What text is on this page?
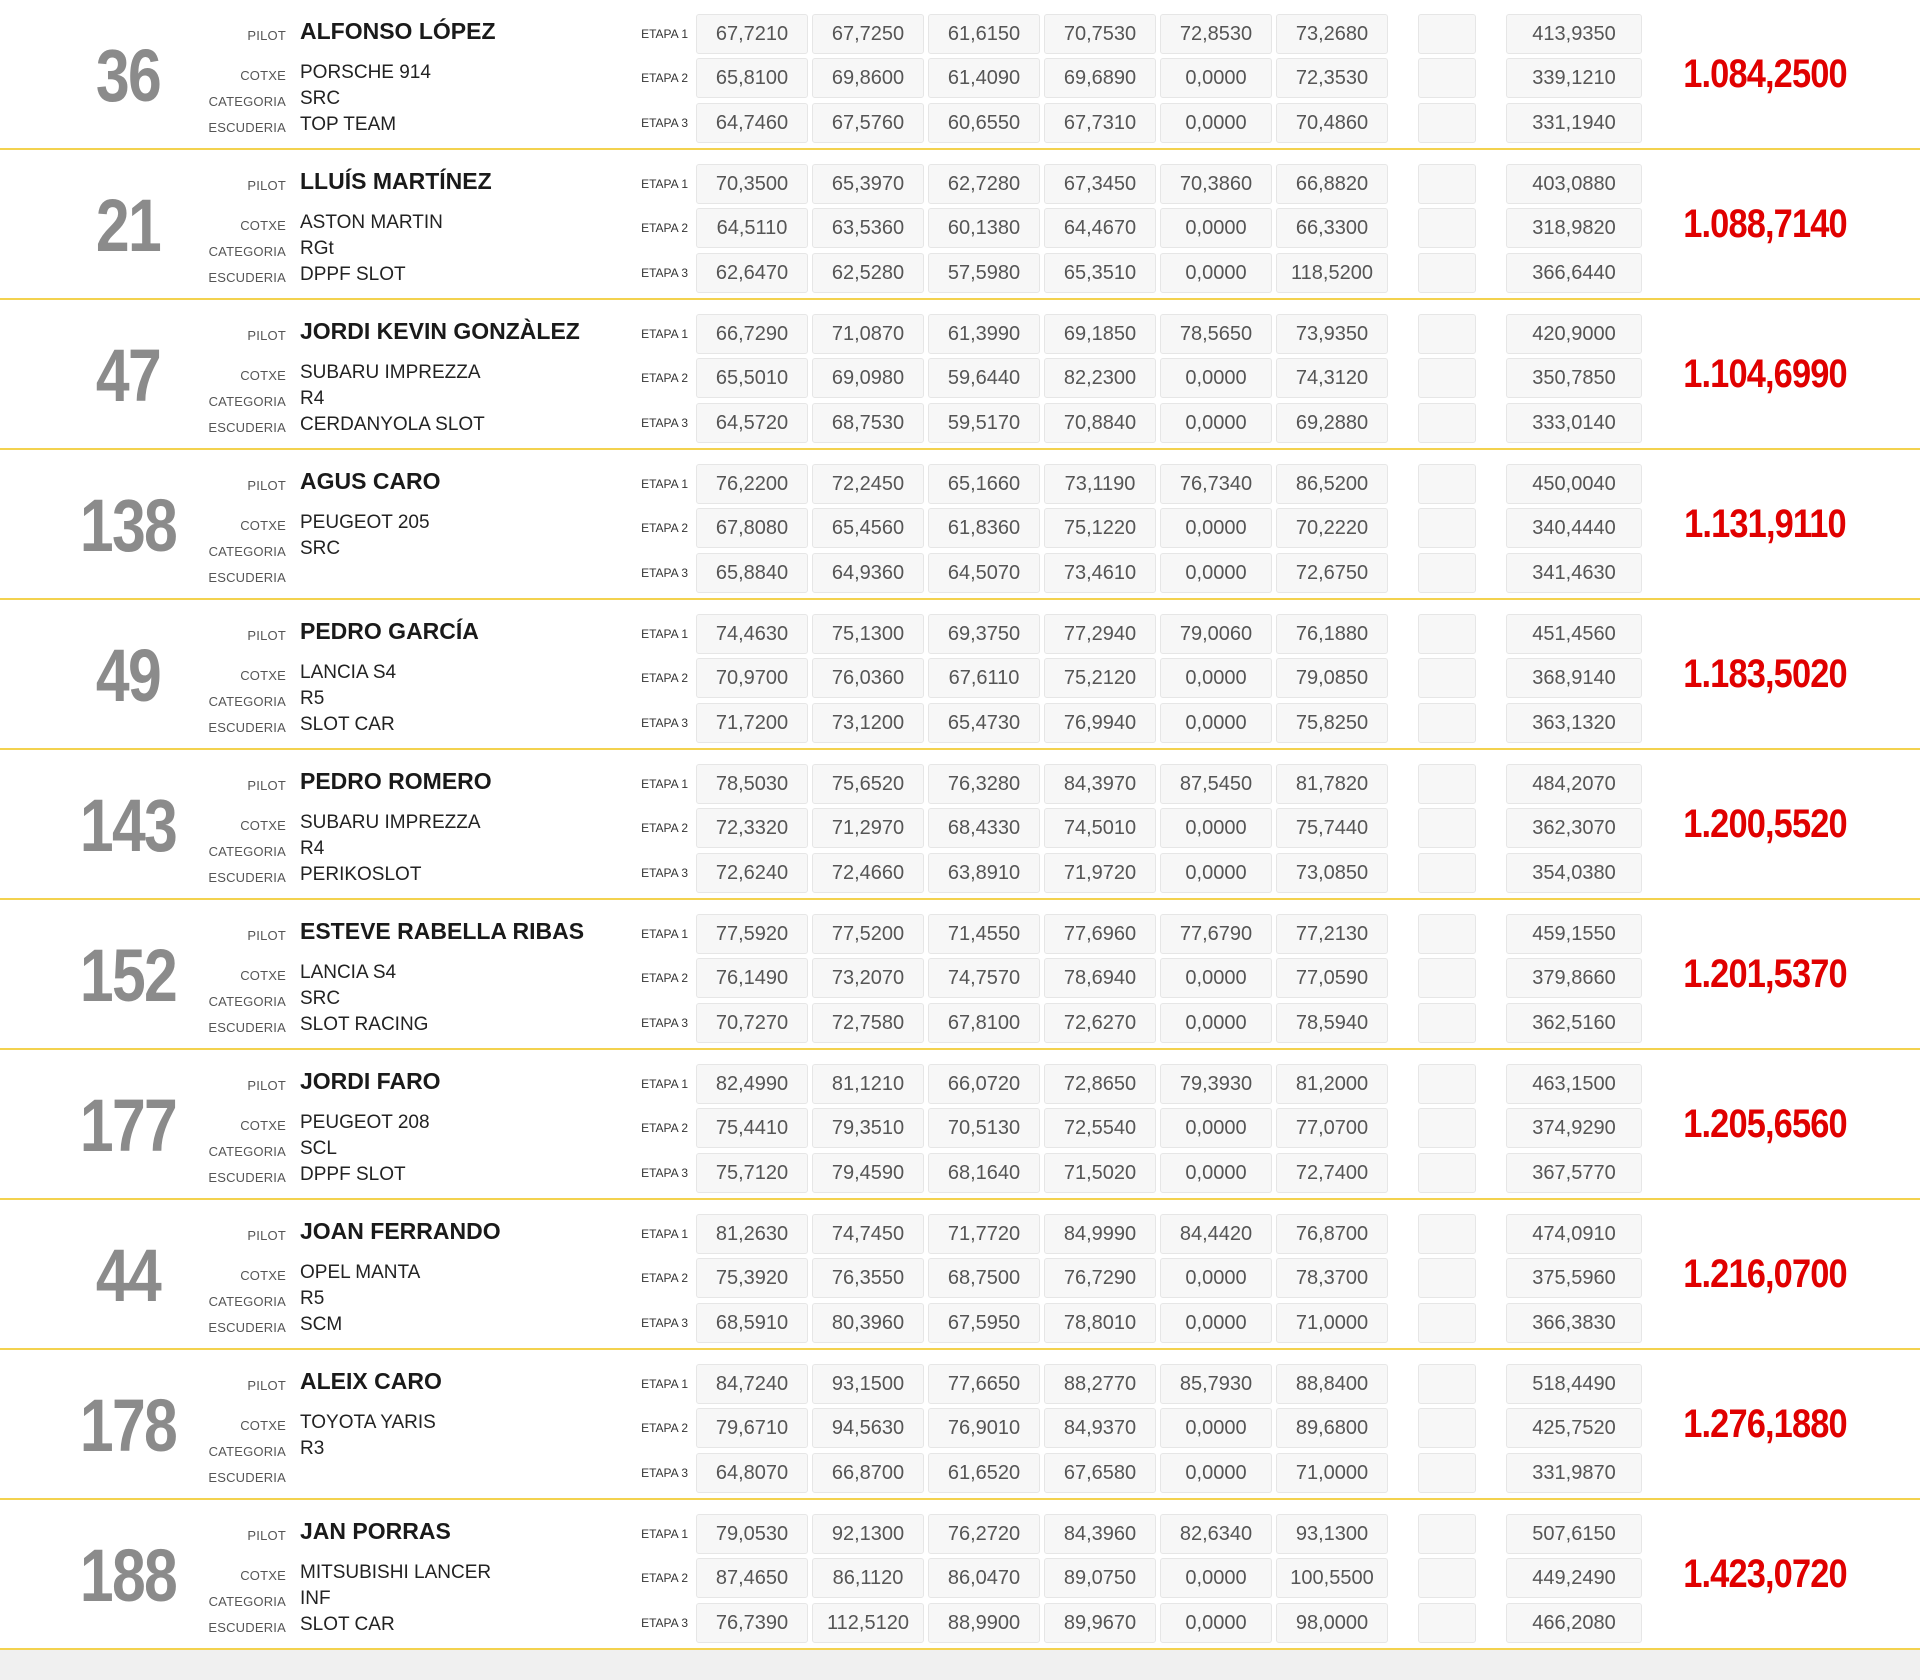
36	PILOT ALFONSO LÓPEZ
COTXE PORSCHE 914
CATEGORIA SRC
ESCUDERIA TOP TEAM
ETAPA 1	67,7210	67,7250	61,6150	70,7530	72,8530	73,2680	413,9350
ETAPA 2	65,8100	69,8600	61,4090	69,6890	0,0000	72,3530	339,1210
ETAPA 3	64,7460	67,5760	60,6550	67,7310	0,0000	70,4860	331,1940
1.084,2500
21	PILOT LLUÍS MARTÍNEZ
COTXE ASTON MARTIN
CATEGORIA RGt
ESCUDERIA DPPF SLOT
ETAPA 1	70,3500	65,3970	62,7280	67,3450	70,3860	66,8820	403,0880
ETAPA 2	64,5110	63,5360	60,1380	64,4670	0,0000	66,3300	318,9820
ETAPA 3	62,6470	62,5280	57,5980	65,3510	0,0000	118,5200	366,6440
1.088,7140
47	PILOT JORDI KEVIN GONZÀLEZ
COTXE SUBARU IMPREZZA
CATEGORIA R4
ESCUDERIA CERDANYOLA SLOT
ETAPA 1	66,7290	71,0870	61,3990	69,1850	78,5650	73,9350	420,9000
ETAPA 2	65,5010	69,0980	59,6440	82,2300	0,0000	74,3120	350,7850
ETAPA 3	64,5720	68,7530	59,5170	70,8840	0,0000	69,2880	333,0140
1.104,6990
138	PILOT AGUS CARO
COTXE PEUGEOT 205
CATEGORIA SRC
ESCUDERIA
ETAPA 1	76,2200	72,2450	65,1660	73,1190	76,7340	86,5200	450,0040
ETAPA 2	67,8080	65,4560	61,8360	75,1220	0,0000	70,2220	340,4440
ETAPA 3	65,8840	64,9360	64,5070	73,4610	0,0000	72,6750	341,4630
1.131,9110
49	PILOT PEDRO GARCÍA
COTXE LANCIA S4
CATEGORIA R5
ESCUDERIA SLOT CAR
ETAPA 1	74,4630	75,1300	69,3750	77,2940	79,0060	76,1880	451,4560
ETAPA 2	70,9700	76,0360	67,6110	75,2120	0,0000	79,0850	368,9140
ETAPA 3	71,7200	73,1200	65,4730	76,9940	0,0000	75,8250	363,1320
1.183,5020
143	PILOT PEDRO ROMERO
COTXE SUBARU IMPREZZA
CATEGORIA R4
ESCUDERIA PERIKOSLOT
ETAPA 1	78,5030	75,6520	76,3280	84,3970	87,5450	81,7820	484,2070
ETAPA 2	72,3320	71,2970	68,4330	74,5010	0,0000	75,7440	362,3070
ETAPA 3	72,6240	72,4660	63,8910	71,9720	0,0000	73,0850	354,0380
1.200,5520
152	PILOT ESTEVE RABELLA RIBAS
COTXE LANCIA S4
CATEGORIA SRC
ESCUDERIA SLOT RACING
ETAPA 1	77,5920	77,5200	71,4550	77,6960	77,6790	77,2130	459,1550
ETAPA 2	76,1490	73,2070	74,7570	78,6940	0,0000	77,0590	379,8660
ETAPA 3	70,7270	72,7580	67,8100	72,6270	0,0000	78,5940	362,5160
1.201,5370
177	PILOT JORDI FARO
COTXE PEUGEOT 208
CATEGORIA SCL
ESCUDERIA DPPF SLOT
ETAPA 1	82,4990	81,1210	66,0720	72,8650	79,3930	81,2000	463,1500
ETAPA 2	75,4410	79,3510	70,5130	72,5540	0,0000	77,0700	374,9290
ETAPA 3	75,7120	79,4590	68,1640	71,5020	0,0000	72,7400	367,5770
1.205,6560
44	PILOT JOAN FERRANDO
COTXE OPEL MANTA
CATEGORIA R5
ESCUDERIA SCM
ETAPA 1	81,2630	74,7450	71,7720	84,9990	84,4420	76,8700	474,0910
ETAPA 2	75,3920	76,3550	68,7500	76,7290	0,0000	78,3700	375,5960
ETAPA 3	68,5910	80,3960	67,5950	78,8010	0,0000	71,0000	366,3830
1.216,0700
178	PILOT ALEIX CARO
COTXE TOYOTA YARIS
CATEGORIA R3
ESCUDERIA
ETAPA 1	84,7240	93,1500	77,6650	88,2770	85,7930	88,8400	518,4490
ETAPA 2	79,6710	94,5630	76,9010	84,9370	0,0000	89,6800	425,7520
ETAPA 3	64,8070	66,8700	61,6520	67,6580	0,0000	71,0000	331,9870
1.276,1880
188	PILOT JAN PORRAS
COTXE MITSUBISHI LANCER
CATEGORIA INF
ESCUDERIA SLOT CAR
ETAPA 1	79,0530	92,1300	76,2720	84,3960	82,6340	93,1300	507,6150
ETAPA 2	87,4650	86,1120	86,0470	89,0750	0,0000	100,5500	449,2490
ETAPA 3	76,7390	112,5120	88,9900	89,9670	0,0000	98,0000	466,2080
1.423,0720
